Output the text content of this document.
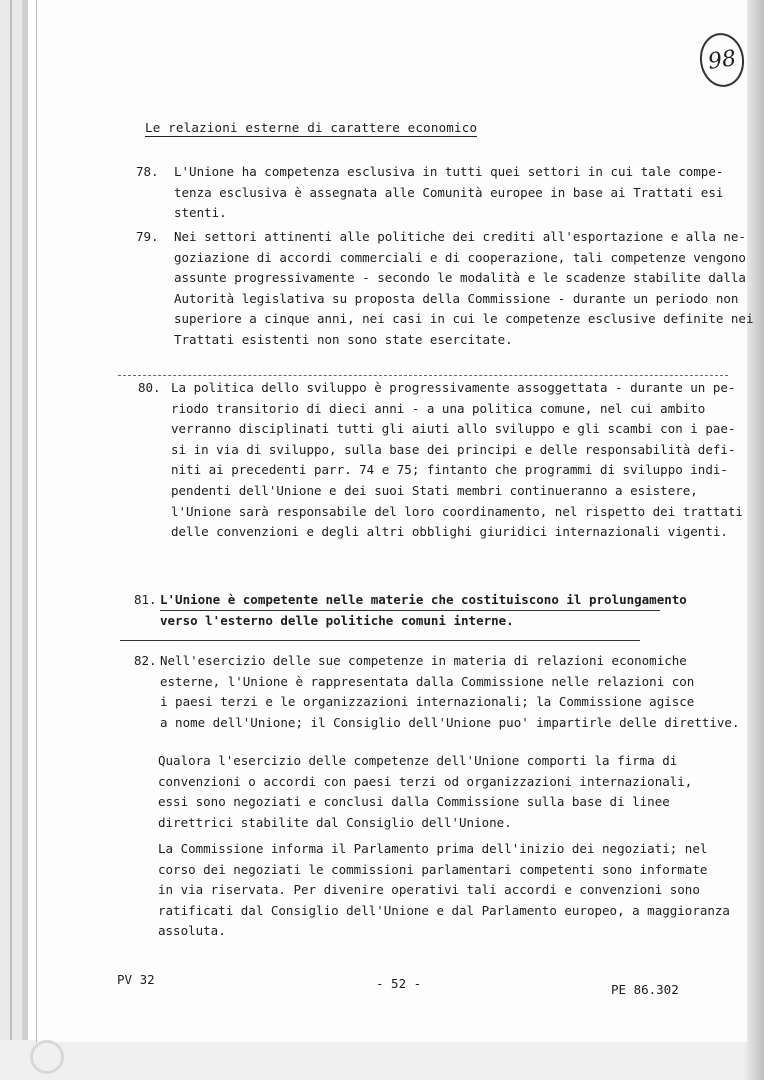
98
Le relazioni esterne di carattere economico
78. L'Unione ha competenza esclusiva in tutti quei settori in cui tale compe-
tenza esclusiva è assegnata alle Comunità europee in base ai Trattati esi
stenti.
79. Nei settori attinenti alle politiche dei crediti all'esportazione e alla ne-
goziazione di accordi commerciali e di cooperazione, tali competenze vengono
assunte progressivamente - secondo le modalità e le scadenze stabilite dalla
Autorità legislativa su proposta della Commissione - durante un periodo non
superiore a cinque anni, nei casi in cui le competenze esclusive definite nei
Trattati esistenti non sono state esercitate.
80. La politica dello sviluppo è progressivamente assoggettata - durante un pe-
riodo transitorio di dieci anni - a una politica comune, nel cui ambito
verranno disciplinati tutti gli aiuti allo sviluppo e gli scambi con i pae-
si in via di sviluppo, sulla base dei principi e delle responsabilità defi-
niti ai precedenti parr. 74 e 75; fintanto che programmi di sviluppo indi-
pendenti dell'Unione e dei suoi Stati membri continueranno a esistere,
l'Unione sarà responsabile del loro coordinamento, nel rispetto dei trattati
delle convenzioni e degli altri obblighi giuridici internazionali vigenti.
81. L'Unione è competente nelle materie che costituiscono il prolungamento
verso l'esterno delle politiche comuni interne.
82. Nell'esercizio delle sue competenze in materia di relazioni economiche
esterne, l'Unione è rappresentata dalla Commissione nelle relazioni con
i paesi terzi e le organizzazioni internazionali; la Commissione agisce
a nome dell'Unione; il Consiglio dell'Unione puo' impartirle delle direttive.
Qualora l'esercizio delle competenze dell'Unione comporti la firma di
convenzioni o accordi con paesi terzi od organizzazioni internazionali,
essi sono negoziati e conclusi dalla Commissione sulla base di linee
direttrici stabilite dal Consiglio dell'Unione.
La Commissione informa il Parlamento prima dell'inizio dei negoziati; nel
corso dei negoziati le commissioni parlamentari competenti sono informate
in via riservata. Per divenire operativi tali accordi e convenzioni sono
ratificati dal Consiglio dell'Unione e dal Parlamento europeo, a maggioranza
assoluta.
PV 32	- 52 -	PE 86.302
